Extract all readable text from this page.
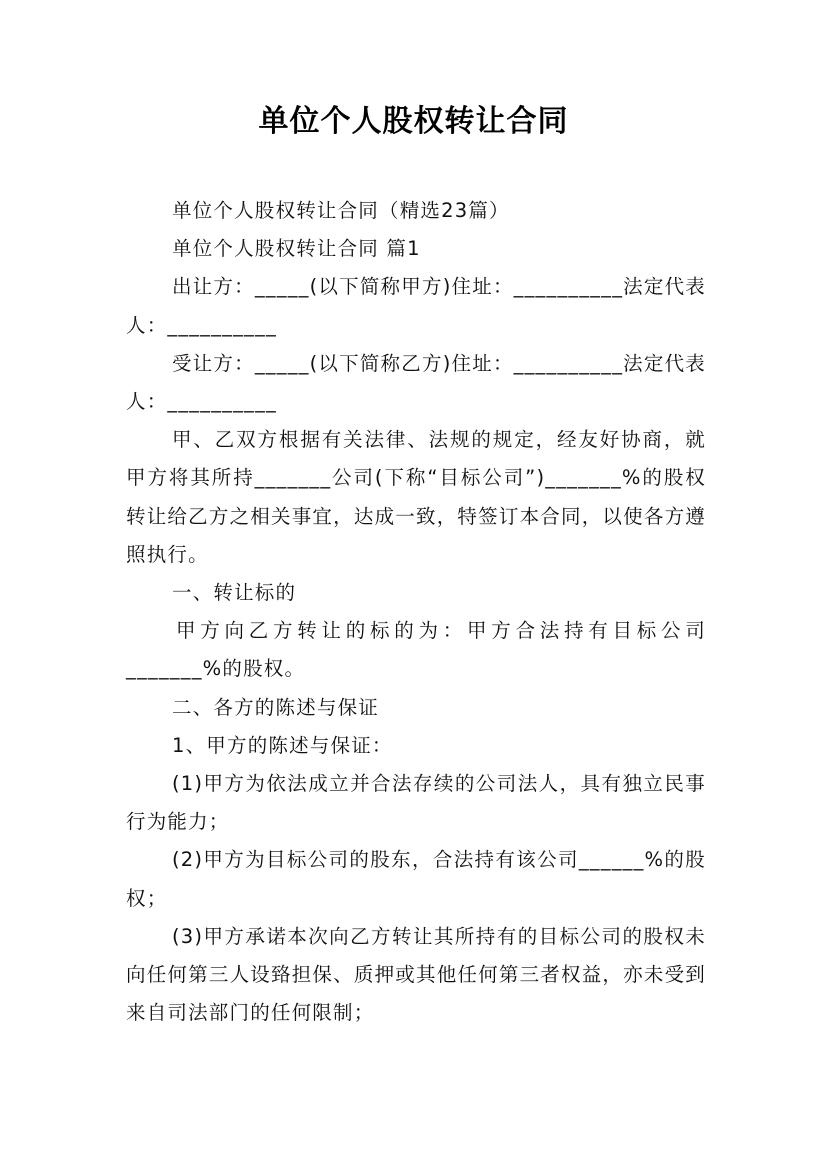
单位个人股权转让合同

单位个人股权转让合同（精选23篇）

单位个人股权转让合同 篇1

出让方：_____(以下简称甲方)住址：__________法定代表人：__________

受让方：_____(以下简称乙方)住址：__________法定代表人：__________

甲、乙双方根据有关法律、法规的规定，经友好协商，就甲方将其所持_______公司(下称“目标公司”)_______%的股权转让给乙方之相关事宜，达成一致，特签订本合同，以使各方遵照执行。

一、转让标的

甲方向乙方转让的标的为：甲方合法持有目标公司_______%的股权。

二、各方的陈述与保证

1、甲方的陈述与保证：

(1)甲方为依法成立并合法存续的公司法人，具有独立民事行为能力；

(2)甲方为目标公司的股东，合法持有该公司______%的股权；

(3)甲方承诺本次向乙方转让其所持有的目标公司的股权未向任何第三人设臵担保、质押或其他任何第三者权益，亦未受到来自司法部门的任何限制；
